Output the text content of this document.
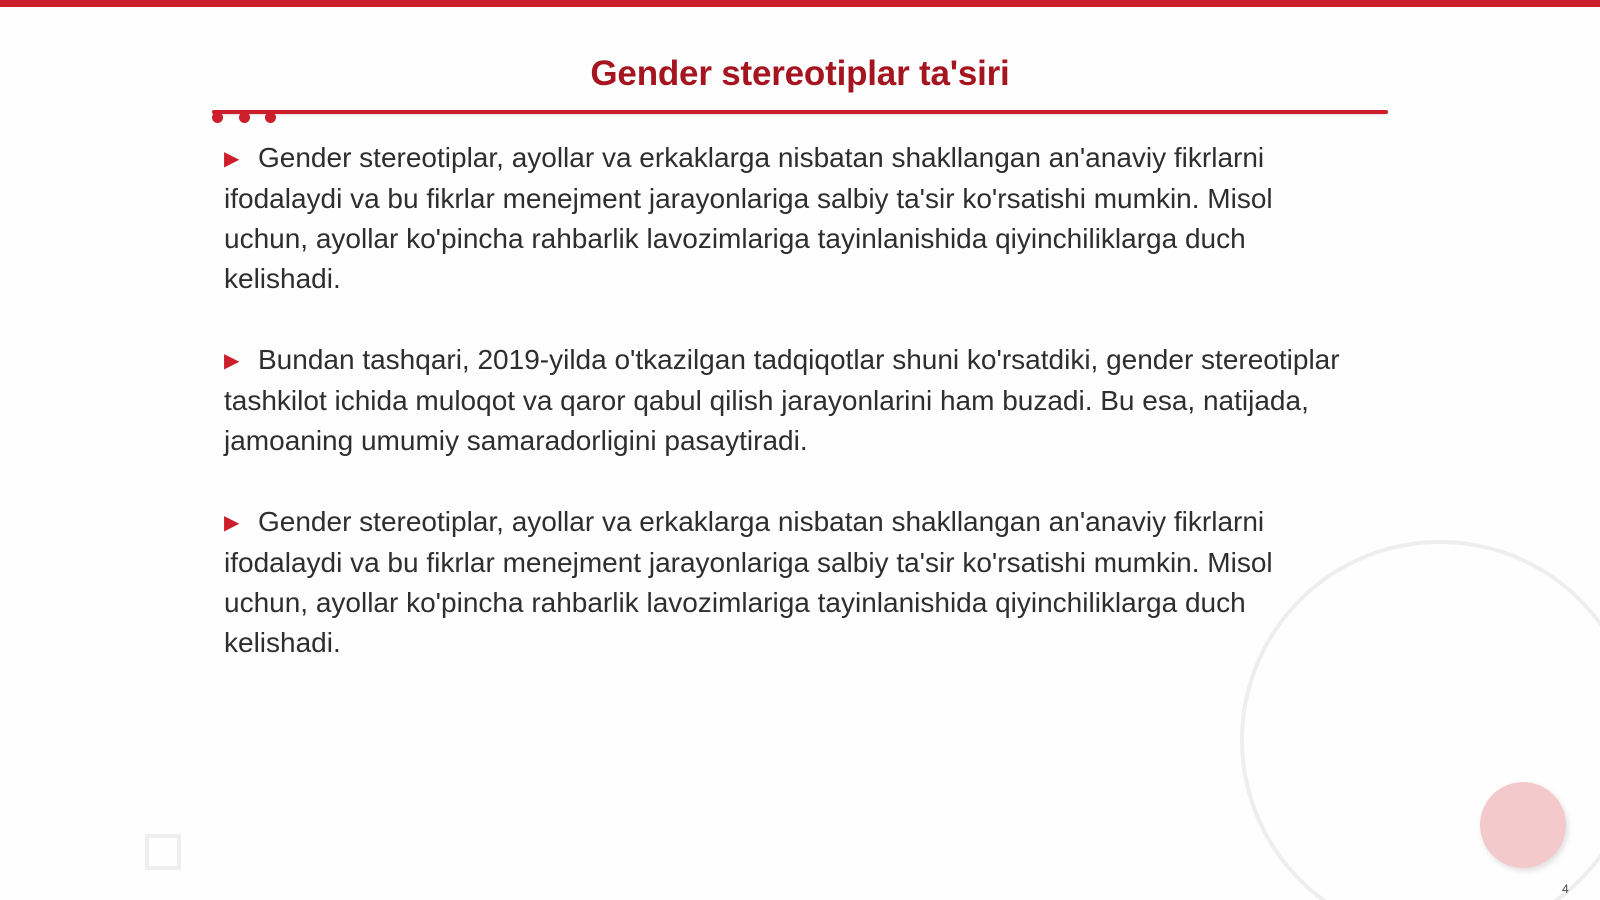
Gender stereotiplar ta'siri

▶ Gender stereotiplar, ayollar va erkaklarga nisbatan shakllangan an'anaviy fikrlarni ifodalaydi va bu fikrlar menejment jarayonlariga salbiy ta'sir ko'rsatishi mumkin. Misol uchun, ayollar ko'pincha rahbarlik lavozimlariga tayinlanishida qiyinchiliklarga duch kelishadi.

▶ Bundan tashqari, 2019-yilda o'tkazilgan tadqiqotlar shuni ko'rsatdiki, gender stereotiplar tashkilot ichida muloqot va qaror qabul qilish jarayonlarini ham buzadi. Bu esa, natijada, jamoaning umumiy samaradorligini pasaytiradi.

▶ Gender stereotiplar, ayollar va erkaklarga nisbatan shakllangan an'anaviy fikrlarni ifodalaydi va bu fikrlar menejment jarayonlariga salbiy ta'sir ko'rsatishi mumkin. Misol uchun, ayollar ko'pincha rahbarlik lavozimlariga tayinlanishida qiyinchiliklarga duch kelishadi.

4
